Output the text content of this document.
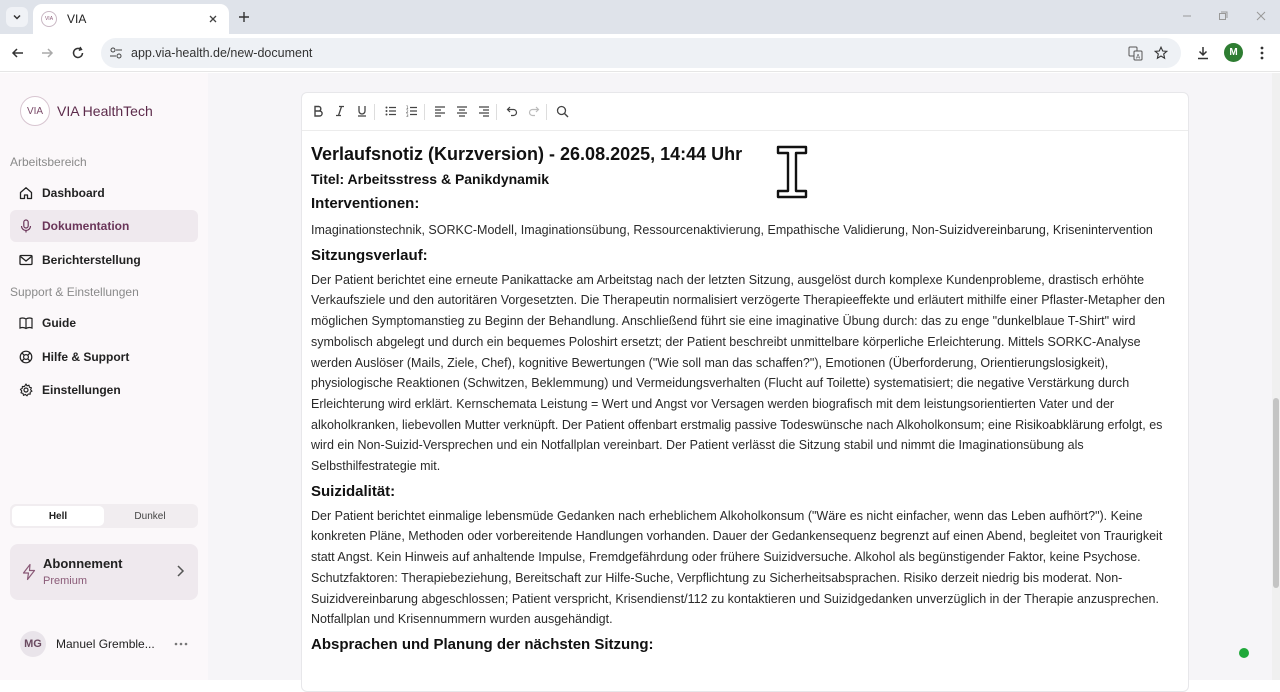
VIA	VIA
app.via-health.de/new-document	A	M
VIA VIA HealthTech
Arbeitsbereich
Dashboard
Dokumentation
Berichterstellung
Support & Einstellungen
Guide
Hilfe & Support
Einstellungen
Hell	Dunkel
Abonnement
Premium
MG	Manuel Gremble...
1
2
3
Verlaufsnotiz (Kurzversion) - 26.08.2025, 14:44 Uhr
Titel: Arbeitsstress & Panikdynamik
Interventionen:
Imaginationstechnik, SORKC-Modell, Imaginationsübung, Ressourcenaktivierung, Empathische Validierung, Non-Suizidvereinbarung, Krisenintervention
Sitzungsverlauf:
Der Patient berichtet eine erneute Panikattacke am Arbeitstag nach der letzten Sitzung, ausgelöst durch komplexe Kundenprobleme, drastisch erhöhte Verkaufsziele und den autoritären Vorgesetzten. Die Therapeutin normalisiert verzögerte Therapieeffekte und erläutert mithilfe einer Pflaster-Metapher den möglichen Symptomanstieg zu Beginn der Behandlung. Anschließend führt sie eine imaginative Übung durch: das zu enge "dunkelblaue T-Shirt" wird symbolisch abgelegt und durch ein bequemes Poloshirt ersetzt; der Patient beschreibt unmittelbare körperliche Erleichterung. Mittels SORKC-Analyse werden Auslöser (Mails, Ziele, Chef), kognitive Bewertungen ("Wie soll man das schaffen?"), Emotionen (Überforderung, Orientierungslosigkeit), physiologische Reaktionen (Schwitzen, Beklemmung) und Vermeidungsverhalten (Flucht auf Toilette) systematisiert; die negative Verstärkung durch Erleichterung wird erklärt. Kernschemata Leistung = Wert und Angst vor Versagen werden biografisch mit dem leistungsorientierten Vater und der alkoholkranken, liebevollen Mutter verknüpft. Der Patient offenbart erstmalig passive Todeswünsche nach Alkoholkonsum; eine Risikoabklärung erfolgt, es wird ein Non-Suizid-Versprechen und ein Notfallplan vereinbart. Der Patient verlässt die Sitzung stabil und nimmt die Imaginationsübung als Selbsthilfestrategie mit.
Suizidalität:
Der Patient berichtet einmalige lebensmüde Gedanken nach erheblichem Alkoholkonsum ("Wäre es nicht einfacher, wenn das Leben aufhört?"). Keine konkreten Pläne, Methoden oder vorbereitende Handlungen vorhanden. Dauer der Gedankensequenz begrenzt auf einen Abend, begleitet von Traurigkeit statt Angst. Kein Hinweis auf anhaltende Impulse, Fremdgefährdung oder frühere Suizidversuche. Alkohol als begünstigender Faktor, keine Psychose. Schutzfaktoren: Therapiebeziehung, Bereitschaft zur Hilfe-Suche, Verpflichtung zu Sicherheitsabsprachen. Risiko derzeit niedrig bis moderat. Non-Suizidvereinbarung abgeschlossen; Patient verspricht, Krisendienst/112 zu kontaktieren und Suizidgedanken unverzüglich in der Therapie anzusprechen. Notfallplan und Krisennummern wurden ausgehändigt.
Absprachen und Planung der nächsten Sitzung:
